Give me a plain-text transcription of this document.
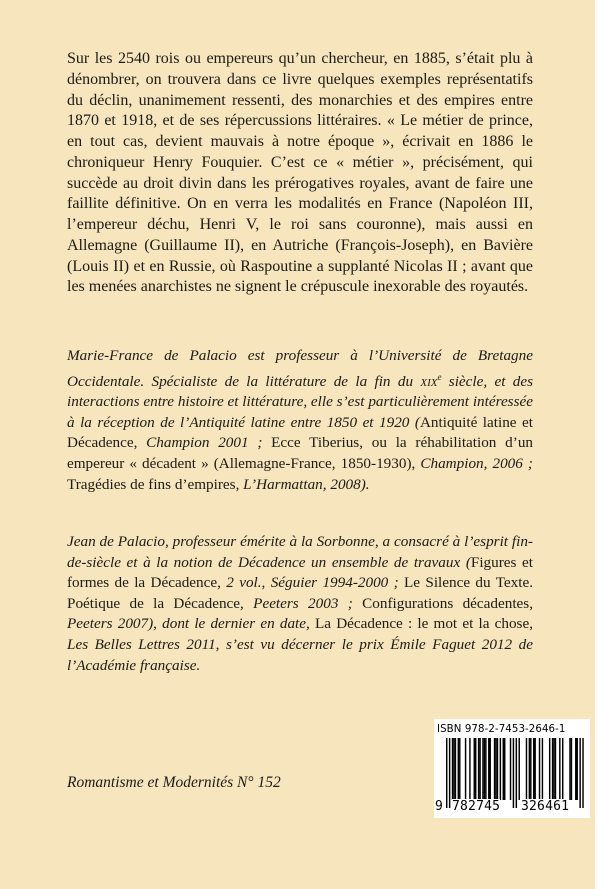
Sur les 2540 rois ou empereurs qu’un chercheur, en 1885, s’était plu à dénombrer, on trouvera dans ce livre quelques exemples représentatifs du déclin, unanimement ressenti, des monarchies et des empires entre 1870 et 1918, et de ses répercussions littéraires. « Le métier de prince, en tout cas, devient mauvais à notre époque », écrivait en 1886 le chroniqueur Henry Fouquier. C’est ce « métier », précisément, qui succède au droit divin dans les prérogatives royales, avant de faire une faillite définitive. On en verra les modalités en France (Napoléon III, l’empereur déchu, Henri V, le roi sans couronne), mais aussi en Allemagne (Guillaume II), en Autriche (François-Joseph), en Bavière (Louis II) et en Russie, où Raspoutine a supplanté Nicolas II ; avant que les menées anarchistes ne signent le crépuscule inexorable des royautés.

Marie-France de Palacio est professeur à l’Université de Bretagne Occidentale. Spécialiste de la littérature de la fin du xix$^e$ siècle, et des interactions entre histoire et littérature, elle s’est particulièrement intéressée à la réception de l’Antiquité latine entre 1850 et 1920 (Antiquité latine et Décadence, Champion 2001 ; Ecce Tiberius, ou la réhabilitation d’un empereur « décadent » (Allemagne-France, 1850-1930), Champion, 2006 ; Tragédies de fins d’empires, L’Harmattan, 2008).

Jean de Palacio, professeur émérite à la Sorbonne, a consacré à l’esprit fin-de-siècle et à la notion de Décadence un ensemble de travaux (Figures et formes de la Décadence, 2 vol., Séguier 1994-2000 ; Le Silence du Texte. Poétique de la Décadence, Peeters 2003 ; Configurations décadentes, Peeters 2007), dont le dernier en date, La Décadence : le mot et la chose, Les Belles Lettres 2011, s’est vu décerner le prix Émile Faguet 2012 de l’Académie française.

Romantisme et Modernités N° 152

ISBN 978-2-7453-2646-1
9 782745 326461
